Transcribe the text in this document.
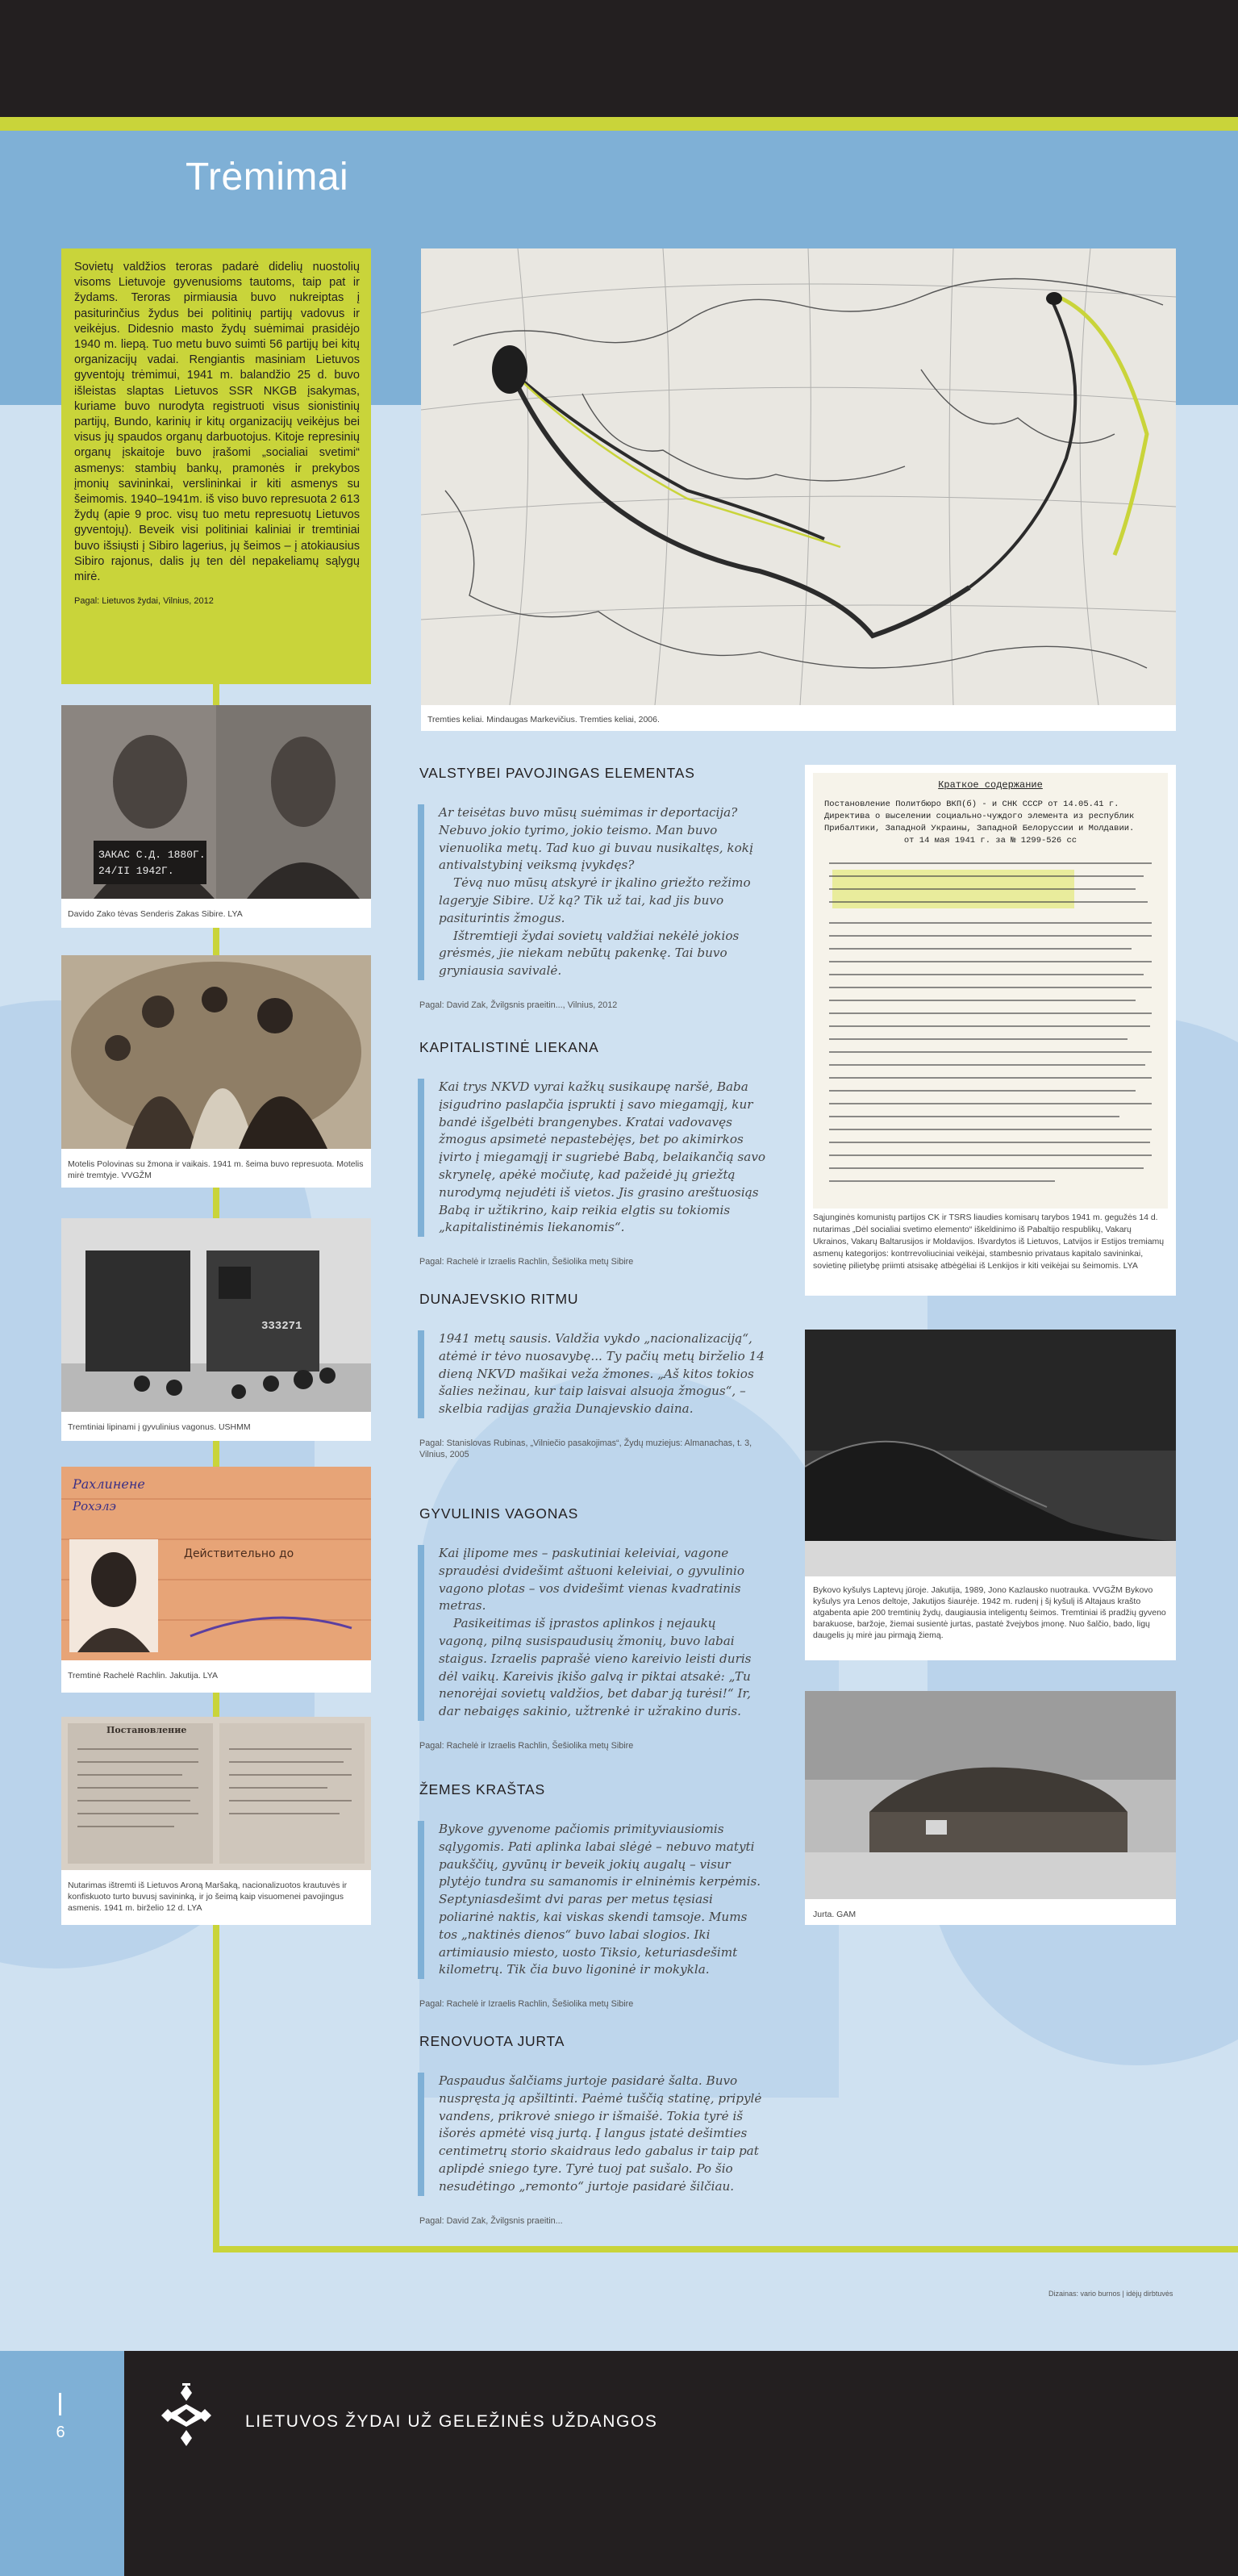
Trėmimai

Sovietų valdžios teroras padarė didelių nuostolių visoms Lietuvoje gyvenusioms tautoms, taip pat ir žydams. Teroras pirmiausia buvo nukreiptas į pasiturinčius žydus bei politinių partijų vadovus ir veikėjus. Didesnio masto žydų suėmimai prasidėjo 1940 m. liepą. Tuo metu buvo suimti 56 partijų bei kitų organizacijų vadai. Rengiantis masiniam Lietuvos gyventojų trėmimui, 1941 m. balandžio 25 d. buvo išleistas slaptas Lietuvos SSR NKGB įsakymas, kuriame buvo nurodyta registruoti visus sionistinių partijų, Bundo, karinių ir kitų organizacijų veikėjus bei visus jų spaudos organų darbuotojus. Kitoje represinių organų įskaitoje buvo įrašomi „socialiai svetimi“ asmenys: stambių bankų, pramonės ir prekybos įmonių savininkai, verslininkai ir kiti asmenys su šeimomis. 1940–1941m. iš viso buvo represuota 2 613 žydų (apie 9 proc. visų tuo metu represuotų Lietuvos gyventojų). Beveik visi politiniai kaliniai ir tremtiniai buvo išsiųsti į Sibiro lagerius, jų šeimos – į atokiausius Sibiro rajonus, dalis jų ten dėl nepakeliamų sąlygų mirė.

Pagal: Lietuvos žydai, Vilnius, 2012
Tremties keliai. Mindaugas Markevičius. Tremties keliai, 2006.
ЗАКАС С.Д. 1880Г. 24/II 1942Г.
Davido Zako tėvas Senderis Zakas Sibire. LYA
Motelis Polovinas su žmona ir vaikais. 1941 m. šeima buvo represuota. Motelis mirė tremtyje. VVGŽM
333271
Tremtiniai lipinami į gyvulinius vagonus. USHMM
Рахлинене
Рохэлэ
Действительно до
Tremtinė Rachelė Rachlin. Jakutija. LYA
Постановление
Nutarimas ištremti iš Lietuvos Aroną Maršaką, nacionalizuotos krautuvės ir konfiskuoto turto buvusį savininką, ir jo šeimą kaip visuomenei pavojingus asmenis. 1941 m. birželio 12 d. LYA
VALSTYBEI PAVOJINGAS ELEMENTAS

Ar teisėtas buvo mūsų suėmimas ir deportacija? Nebuvo jokio tyrimo, jokio teismo. Man buvo vienuolika metų. Tad kuo gi buvau nusikaltęs, kokį antivalstybinį veiksmą įvykdęs?

Tėvą nuo mūsų atskyrė ir įkalino griežto režimo lageryje Sibire. Už ką? Tik už tai, kad jis buvo pasiturintis žmogus.

Ištremtieji žydai sovietų valdžiai nekėlė jokios grėsmės, jie niekam nebūtų pakenkę. Tai buvo gryniausia savivalė.

Pagal: David Zak, Žvilgsnis praeitin..., Vilnius, 2012
KAPITALISTINĖ LIEKANA

Kai trys NKVD vyrai kažkų susikaupę naršė, Baba įsigudrino paslapčia įsprukti į savo miegamąjį, kur bandė išgelbėti brangenybes. Kratai vadovavęs žmogus apsimetė nepastebėjęs, bet po akimirkos įvirto į miegamąjį ir sugriebė Babą, belaikančią savo skrynelę, apėkė močiutę, kad pažeidė jų griežtą nurodymą nejudėti iš vietos. Jis grasino areštuosiąs Babą ir užtikrino, kaip reikia elgtis su tokiomis „kapitalistinėmis liekanomis“.

Pagal: Rachelė ir Izraelis Rachlin, Šešiolika metų Sibire
DUNAJEVSKIO RITMU

1941 metų sausis. Valdžia vykdo „nacionalizaciją“, atėmė ir tėvo nuosavybę... Ty pačių metų birželio 14 dieną NKVD mašikai veža žmones. „Aš kitos tokios šalies nežinau, kur taip laisvai alsuoja žmogus“, – skelbia radijas gražia Dunajevskio daina.

Pagal: Stanislovas Rubinas, „Vilniečio pasakojimas“, Žydų muziejus: Almanachas, t. 3, Vilnius, 2005
GYVULINIS VAGONAS

Kai įlipome mes – paskutiniai keleiviai, vagone spraudėsi dvidešimt aštuoni keleiviai, o gyvulinio vagono plotas – vos dvidešimt vienas kvadratinis metras.

Pasikeitimas iš įprastos aplinkos į nejaukų vagoną, pilną susispaudusių žmonių, buvo labai staigus. Izraelis paprašė vieno kareivio leisti duris dėl vaikų. Kareivis įkišo galvą ir piktai atsakė: „Tu nenorėjai sovietų valdžios, bet dabar ją turėsi!“ Ir, dar nebaigęs sakinio, užtrenkė ir užrakino duris.

Pagal: Rachelė ir Izraelis Rachlin, Šešiolika metų Sibire
ŽEMES KRAŠTAS

Bykove gyvenome pačiomis primityviausiomis sąlygomis. Pati aplinka labai slėgė – nebuvo matyti paukščių, gyvūnų ir beveik jokių augalų – visur plytėjo tundra su samanomis ir elninėmis kerpėmis. Septyniasdešimt dvi paras per metus tęsiasi poliarinė naktis, kai viskas skendi tamsoje. Mums tos „naktinės dienos“ buvo labai slogios. Iki artimiausio miesto, uosto Tiksio, keturiasdešimt kilometrų. Tik čia buvo ligoninė ir mokykla.

Pagal: Rachelė ir Izraelis Rachlin, Šešiolika metų Sibire
RENOVUOTA JURTA

Paspaudus šalčiams jurtoje pasidarė šalta. Buvo nuspręsta ją apšiltinti. Paėmė tuščią statinę, pripylė vandens, prikrovė sniego ir išmaišė. Tokia tyrė iš išorės apmėtė visą jurtą. Į langus įstatė dešimties centimetrų storio skaidraus ledo gabalus ir taip pat aplipdė sniego tyre. Tyrė tuoj pat sušalo. Po šio nesudėtingo „remonto“ jurtoje pasidarė šilčiau.

Pagal: David Zak, Žvilgsnis praeitin...
Краткое содержание
Постановление Политбюро ВКП(б) - и СНК СССР от 14.05.41 г.
Директива о выселении социально-чуждого элемента из республик
Прибалтики, Западной Украины, Западной Белоруссии и Молдавии.
от 14 мая 1941 г. за № 1299-526 сс
Sąjunginės komunistų partijos CK ir TSRS liaudies komisarų tarybos 1941 m. gegužės 14 d. nutarimas „Dėl socialiai svetimo elemento“ iškeldinimo iš Pabaltijo respublikų, Vakarų Ukrainos, Vakarų Baltarusijos ir Moldavijos. Išvardytos iš Lietuvos, Latvijos ir Estijos tremiamų asmenų kategorijos: kontrrevoliuciniai veikėjai, stambesnio privataus kapitalo savininkai, sovietinę pilietybę priimti atsisakę atbėgėliai iš Lenkijos ir kiti veikėjai su šeimomis. LYA
Bykovo kyšulys Laptevų jūroje. Jakutija, 1989, Jono Kazlausko nuotrauka. VVGŽM Bykovo kyšulys yra Lenos deltoje, Jakutijos šiaurėje. 1942 m. rudenį į šį kyšulį iš Altajaus krašto atgabenta apie 200 tremtinių žydų, daugiausia inteligentų šeimos. Tremtiniai iš pradžių gyveno barakuose, baržoje, žiemai susientė jurtas, pastatė žvejybos įmonę. Nuo šalčio, bado, ligų daugelis jų mirė jau pirmąją žiemą.
Jurta. GAM
Dizainas: vario burnos | idėjų dirbtuvės
6
LIETUVOS ŽYDAI UŽ GELEŽINĖS UŽDANGOS
